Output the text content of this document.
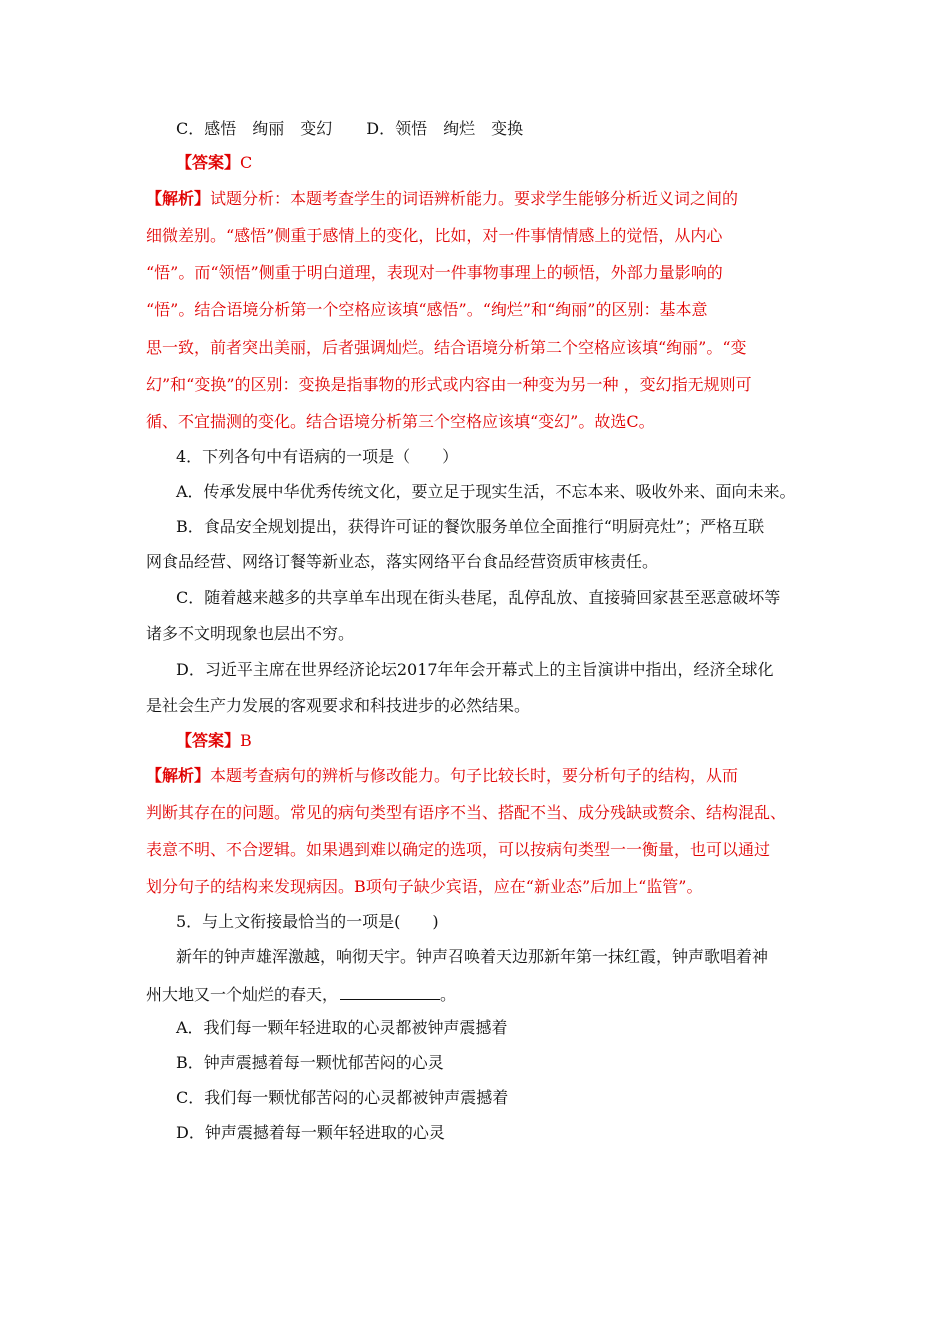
C．感悟　绚丽　变幻 D．领悟　绚烂　变换
【答案】C
【解析】试题分析：本题考查学生的词语辨析能力。要求学生能够分析近义词之间的
细微差别。“感悟”侧重于感情上的变化，比如，对一件事情情感上的觉悟，从内心
“悟”。而“领悟”侧重于明白道理，表现对一件事物事理上的顿悟，外部力量影响的
“悟”。结合语境分析第一个空格应该填“感悟”。“绚烂”和“绚丽”的区别：基本意
思一致，前者突出美丽，后者强调灿烂。结合语境分析第二个空格应该填“绚丽”。“变
幻”和“变换”的区别：变换是指事物的形式或内容由一种变为另一种 ，变幻指无规则可
循、不宜揣测的变化。结合语境分析第三个空格应该填“变幻”。故选C。
4．下列各句中有语病的一项是（　　）
A．传承发展中华优秀传统文化，要立足于现实生活，不忘本来、吸收外来、面向未来。
B．食品安全规划提出，获得许可证的餐饮服务单位全面推行“明厨亮灶”；严格互联
网食品经营、网络订餐等新业态，落实网络平台食品经营资质审核责任。
C．随着越来越多的共享单车出现在街头巷尾，乱停乱放、直接骑回家甚至恶意破坏等
诸多不文明现象也层出不穷。
D．习近平主席在世界经济论坛2017年年会开幕式上的主旨演讲中指出，经济全球化
是社会生产力发展的客观要求和科技进步的必然结果。
【答案】B
【解析】本题考查病句的辨析与修改能力。句子比较长时，要分析句子的结构，从而
判断其存在的问题。常见的病句类型有语序不当、搭配不当、成分残缺或赘余、结构混乱、
表意不明、不合逻辑。如果遇到难以确定的选项，可以按病句类型一一衡量，也可以通过
划分句子的结构来发现病因。B项句子缺少宾语，应在“新业态”后加上“监管”。
5．与上文衔接最恰当的一项是(　　)
新年的钟声雄浑激越，响彻天宇。钟声召唤着天边那新年第一抹红霞，钟声歌唱着神
州大地又一个灿烂的春天，	。
A．我们每一颗年轻进取的心灵都被钟声震撼着
B．钟声震撼着每一颗忧郁苦闷的心灵
C．我们每一颗忧郁苦闷的心灵都被钟声震撼着
D．钟声震撼着每一颗年轻进取的心灵
